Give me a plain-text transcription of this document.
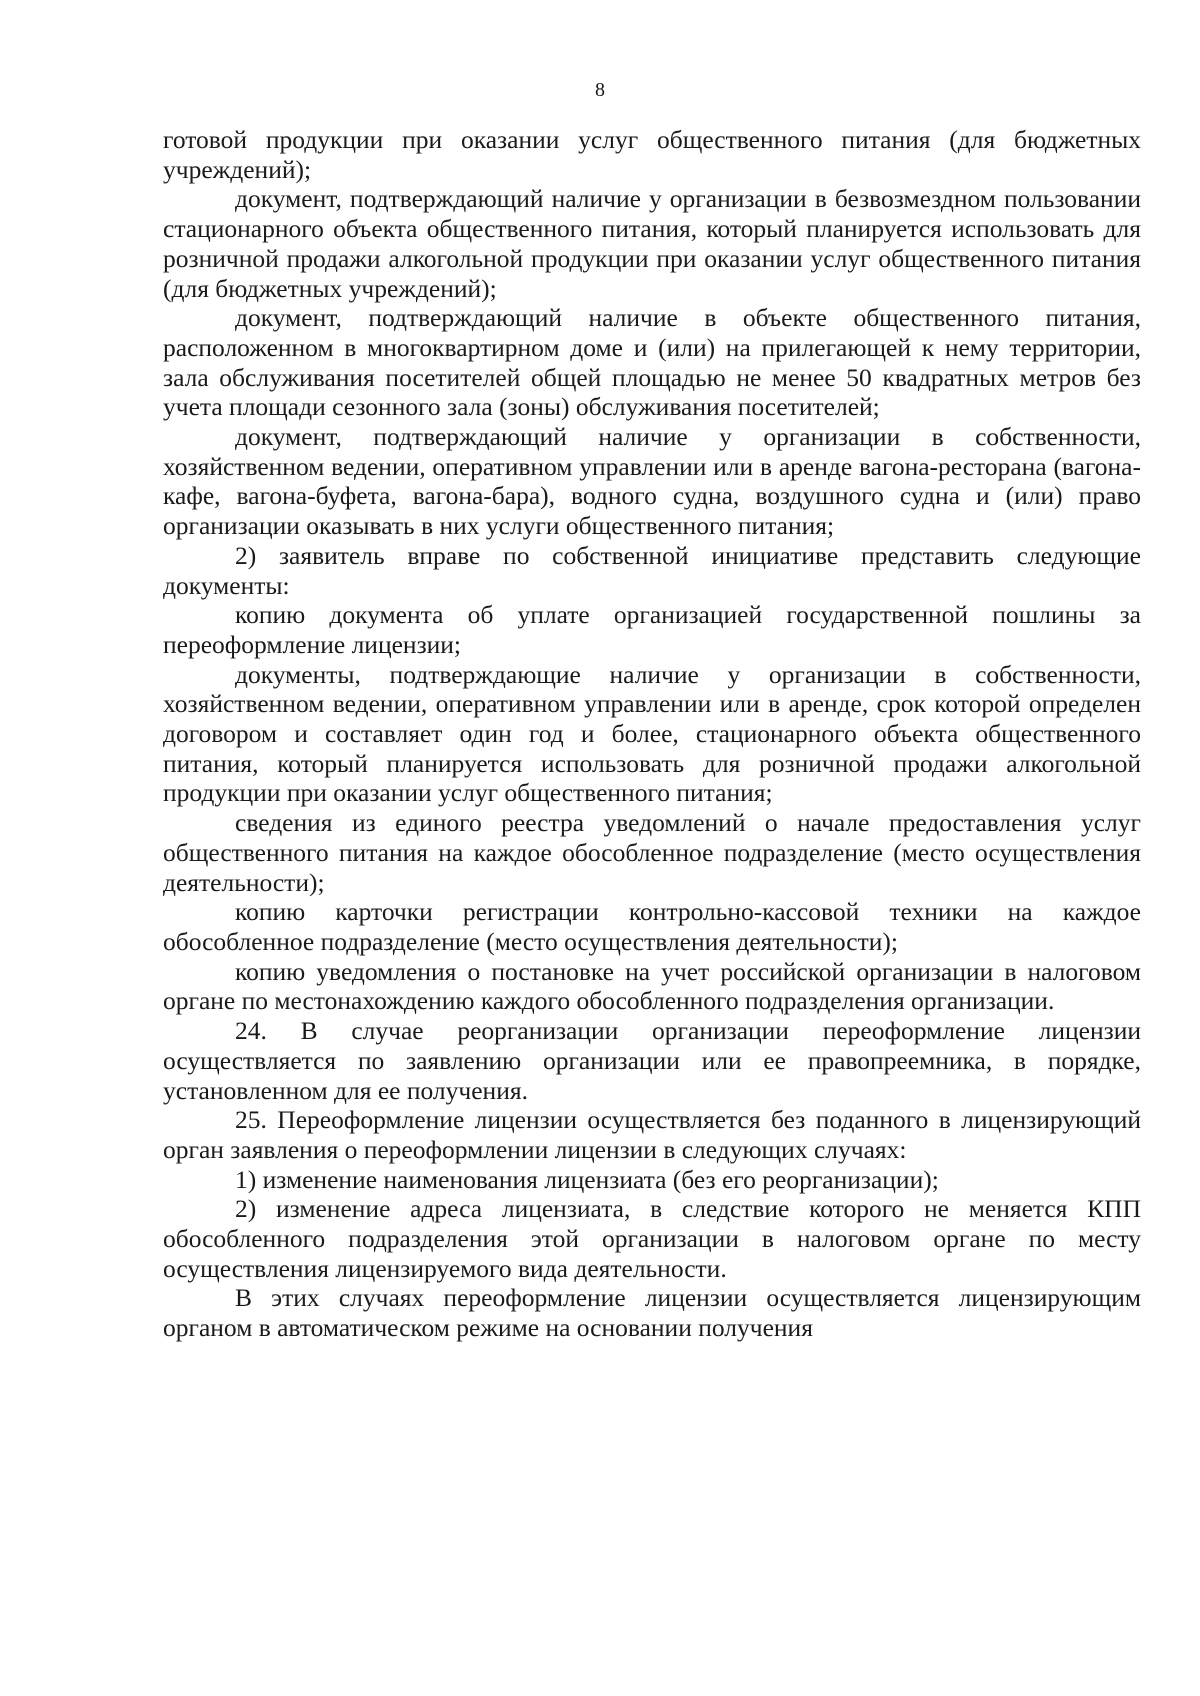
8

готовой продукции при оказании услуг общественного питания (для бюджетных учреждений);

документ, подтверждающий наличие у организации в безвозмездном пользовании стационарного объекта общественного питания, который планируется использовать для розничной продажи алкогольной продукции при оказании услуг общественного питания (для бюджетных учреждений);

документ, подтверждающий наличие в объекте общественного питания, расположенном в многоквартирном доме и (или) на прилегающей к нему территории, зала обслуживания посетителей общей площадью не менее 50 квадратных метров без учета площади сезонного зала (зоны) обслуживания посетителей;

документ, подтверждающий наличие у организации в собственности, хозяйственном ведении, оперативном управлении или в аренде вагона-ресторана (вагона-кафе, вагона-буфета, вагона-бара), водного судна, воздушного судна и (или) право организации оказывать в них услуги общественного питания;

2) заявитель вправе по собственной инициативе представить следующие документы:

копию документа об уплате организацией государственной пошлины за переоформление лицензии;

документы, подтверждающие наличие у организации в собственности, хозяйственном ведении, оперативном управлении или в аренде, срок которой определен договором и составляет один год и более, стационарного объекта общественного питания, который планируется использовать для розничной продажи алкогольной продукции при оказании услуг общественного питания;

сведения из единого реестра уведомлений о начале предоставления услуг общественного питания на каждое обособленное подразделение (место осуществления деятельности);

копию карточки регистрации контрольно-кассовой техники на каждое обособленное подразделение (место осуществления деятельности);

копию уведомления о постановке на учет российской организации в налоговом органе по местонахождению каждого обособленного подразделения организации.

24. В случае реорганизации организации переоформление лицензии осуществляется по заявлению организации или ее правопреемника, в порядке, установленном для ее получения.

25. Переоформление лицензии осуществляется без поданного в лицензирующий орган заявления о переоформлении лицензии в следующих случаях:

1) изменение наименования лицензиата (без его реорганизации);

2) изменение адреса лицензиата, в следствие которого не меняется КПП обособленного подразделения этой организации в налоговом органе по месту осуществления лицензируемого вида деятельности.

В этих случаях переоформление лицензии осуществляется лицензирующим органом в автоматическом режиме на основании получения
